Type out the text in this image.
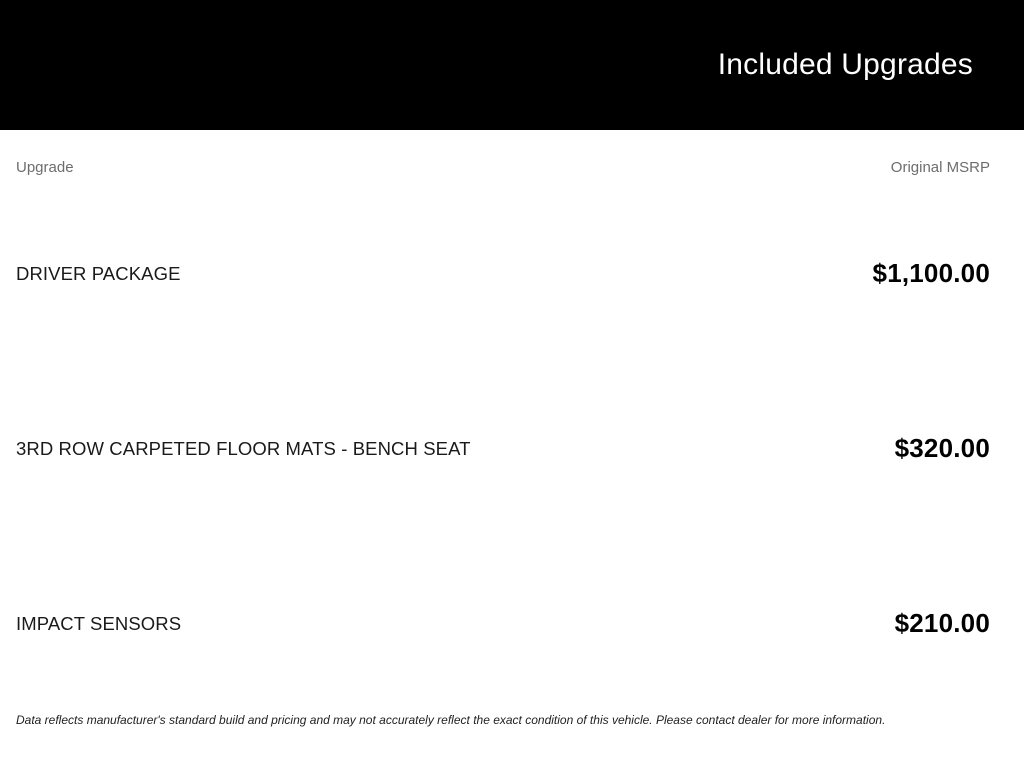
Included Upgrades
Upgrade	Original MSRP
DRIVER PACKAGE	$1,100.00
3RD ROW CARPETED FLOOR MATS - BENCH SEAT	$320.00
IMPACT SENSORS	$210.00
Data reflects manufacturer's standard build and pricing and may not accurately reflect the exact condition of this vehicle. Please contact dealer for more information.
